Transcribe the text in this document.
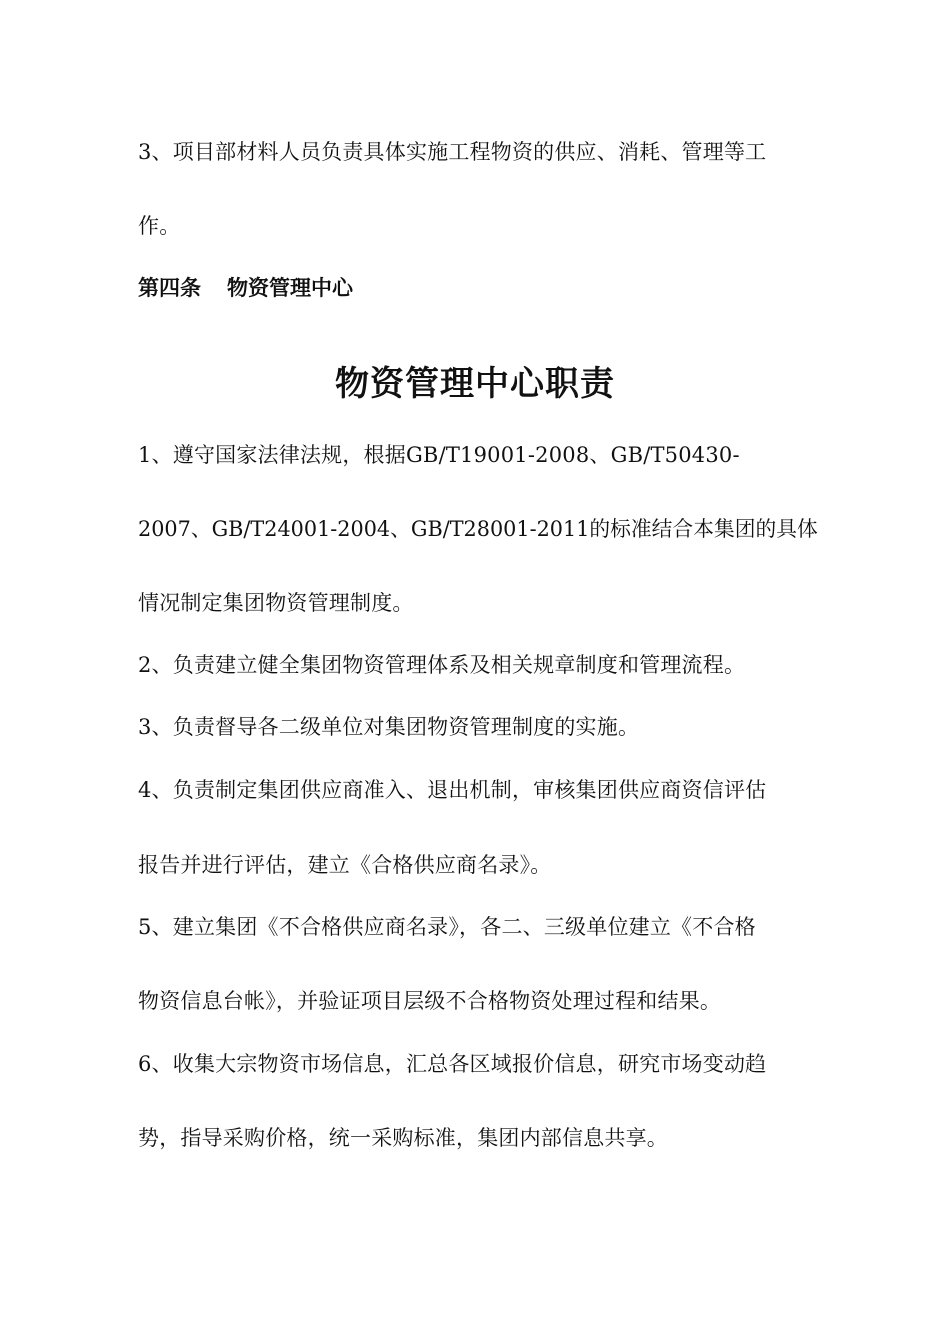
3、项目部材料人员负责具体实施工程物资的供应、消耗、管理等工
作。
第四条 物资管理中心
物资管理中心职责
1、遵守国家法律法规，根据GB/T19001-2008、GB/T50430-
2007、GB/T24001-2004、GB/T28001-2011的标准结合本集团的具体
情况制定集团物资管理制度。
2、负责建立健全集团物资管理体系及相关规章制度和管理流程。
3、负责督导各二级单位对集团物资管理制度的实施。
4、负责制定集团供应商准入、退出机制，审核集团供应商资信评估
报告并进行评估，建立《合格供应商名录》。
5、建立集团《不合格供应商名录》，各二、三级单位建立《不合格
物资信息台帐》，并验证项目层级不合格物资处理过程和结果。
6、收集大宗物资市场信息，汇总各区域报价信息，研究市场变动趋
势，指导采购价格，统一采购标准，集团内部信息共享。
